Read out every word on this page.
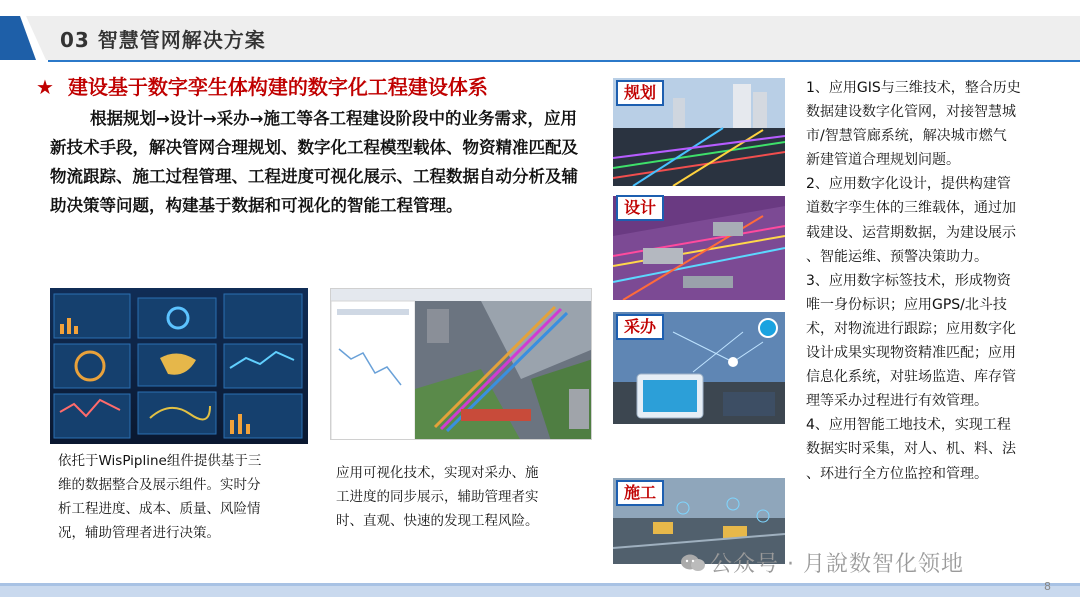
03 智慧管网解决方案
★ 建设基于数字孪生体构建的数字化工程建设体系
根据规划→设计→采办→施工等各工程建设阶段中的业务需求，应用新技术手段，解决管网合理规划、数字化工程模型载体、物资精准匹配及物流跟踪、施工过程管理、工程进度可视化展示、工程数据自动分析及辅助决策等问题，构建基于数据和可视化的智能工程管理。
依托于WisPipline组件提供基于三
维的数据整合及展示组件。实时分
析工程进度、成本、质量、风险情
况，辅助管理者进行决策。
应用可视化技术，实现对采办、施
工进度的同步展示，辅助管理者实
时、直观、快速的发现工程风险。
规划
设计
采办
施工

1、应用GIS与三维技术，整合历史

数据建设数字化管网，对接智慧城

市/智慧管廊系统，解决城市燃气

新建管道合理规划问题。

2、应用数字化设计，提供构建管

道数字孪生体的三维载体，通过加

载建设、运营期数据，为建设展示

、智能运维、预警决策助力。

3、应用数字标签技术，形成物资

唯一身份标识；应用GPS/北斗技

术，对物流进行跟踪；应用数字化

设计成果实现物资精准匹配；应用

信息化系统，对驻场监造、库存管

理等采办过程进行有效管理。

4、应用智能工地技术，实现工程

数据实时采集，对人、机、料、法

、环进行全方位监控和管理。

公众号 · 月說数智化领地
8
